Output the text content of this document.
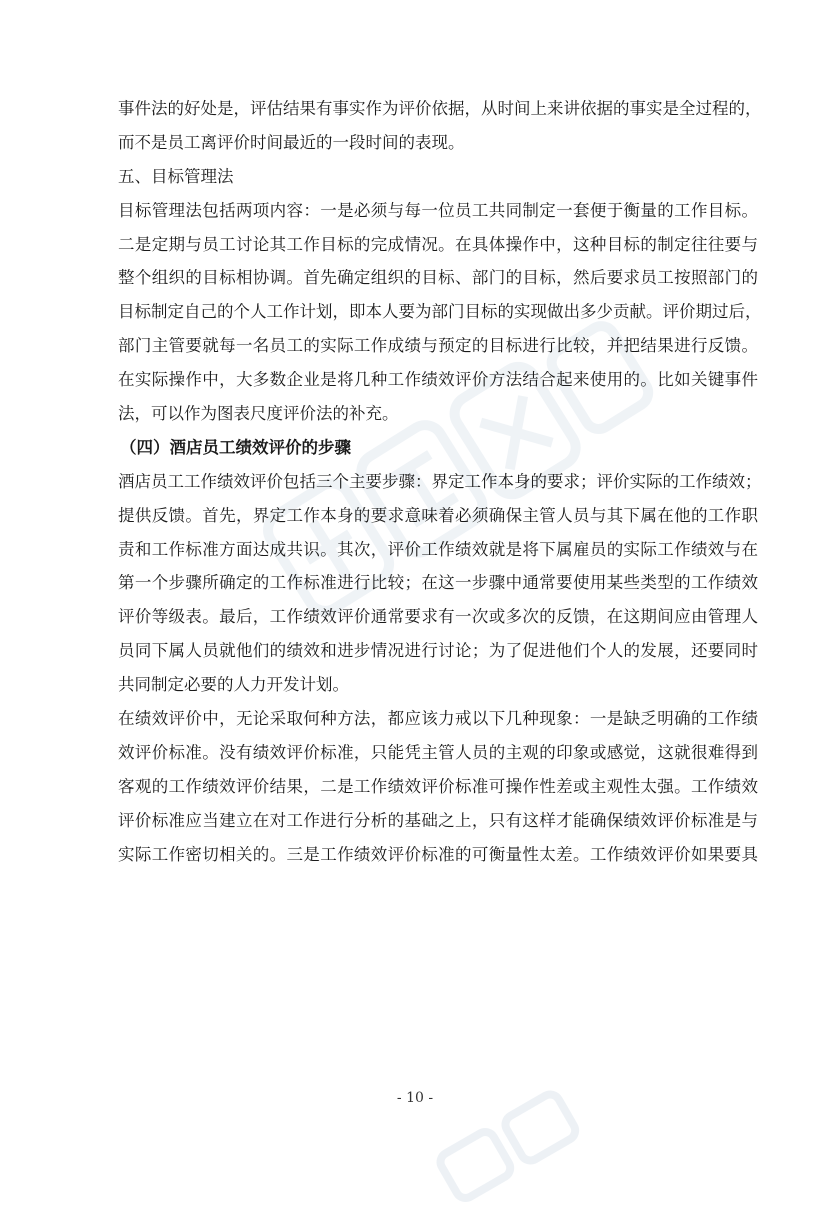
事件法的好处是，评估结果有事实作为评价依据，从时间上来讲依据的事实是全过程的，
而不是员工离评价时间最近的一段时间的表现。
五、目标管理法
目标管理法包括两项内容：一是必须与每一位员工共同制定一套便于衡量的工作目标。
二是定期与员工讨论其工作目标的完成情况。在具体操作中，这种目标的制定往往要与
整个组织的目标相协调。首先确定组织的目标、部门的目标，然后要求员工按照部门的
目标制定自己的个人工作计划，即本人要为部门目标的实现做出多少贡献。评价期过后，
部门主管要就每一名员工的实际工作成绩与预定的目标进行比较，并把结果进行反馈。
在实际操作中，大多数企业是将几种工作绩效评价方法结合起来使用的。比如关键事件
法，可以作为图表尺度评价法的补充。
（四）酒店员工绩效评价的步骤
酒店员工工作绩效评价包括三个主要步骤：界定工作本身的要求；评价实际的工作绩效；
提供反馈。首先，界定工作本身的要求意味着必须确保主管人员与其下属在他的工作职
责和工作标准方面达成共识。其次，评价工作绩效就是将下属雇员的实际工作绩效与在
第一个步骤所确定的工作标准进行比较；在这一步骤中通常要使用某些类型的工作绩效
评价等级表。最后，工作绩效评价通常要求有一次或多次的反馈，在这期间应由管理人
员同下属人员就他们的绩效和进步情况进行讨论；为了促进他们个人的发展，还要同时
共同制定必要的人力开发计划。
在绩效评价中，无论采取何种方法，都应该力戒以下几种现象：一是缺乏明确的工作绩
效评价标准。没有绩效评价标准，只能凭主管人员的主观的印象或感觉，这就很难得到
客观的工作绩效评价结果，二是工作绩效评价标准可操作性差或主观性太强。工作绩效
评价标准应当建立在对工作进行分析的基础之上，只有这样才能确保绩效评价标准是与
实际工作密切相关的。三是工作绩效评价标准的可衡量性太差。工作绩效评价如果要具
- 10 -
